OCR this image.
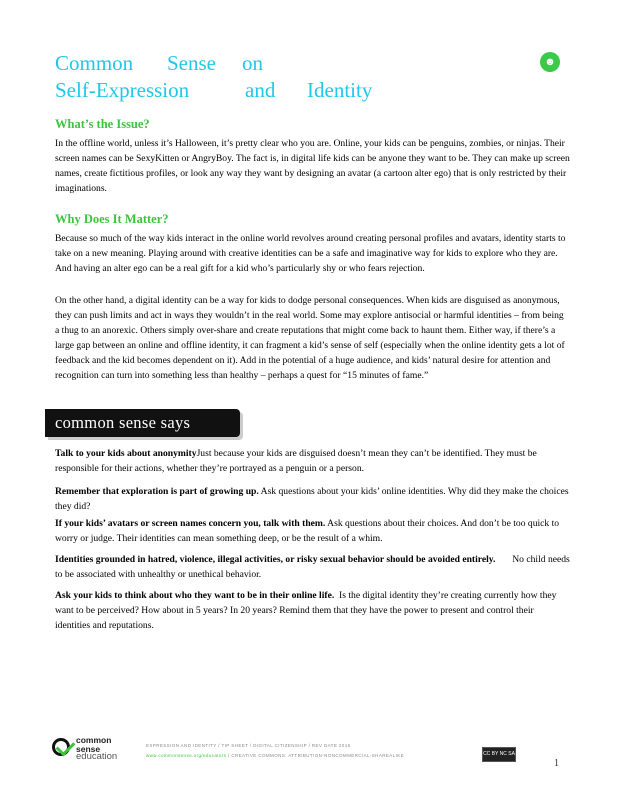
Common Sense on
Self-Expression	and Identity
☻
What’s the Issue?
In the offline world, unless it’s Halloween, it’s pretty clear who you are. Online, your kids can be penguins, zombies, or ninjas. Their screen names can be SexyKitten or AngryBoy. The fact is, in digital life kids can be anyone they want to be. They can make up screen names, create fictitious profiles, or look any way they want by designing an avatar (a cartoon alter ego) that is only restricted by their imaginations.
Why Does It Matter?
Because so much of the way kids interact in the online world revolves around creating personal profiles and avatars, identity starts to take on a new meaning. Playing around with creative identities can be a safe and imaginative way for kids to explore who they are. And having an alter ego can be a real gift for a kid who’s particularly shy or who fears rejection.
On the other hand, a digital identity can be a way for kids to dodge personal consequences. When kids are disguised as anonymous, they can push limits and act in ways they wouldn’t in the real world. Some may explore antisocial or harmful identities – from being a thug to an anorexic. Others simply over-share and create reputations that might come back to haunt them. Either way, if there’s a large gap between an online and offline identity, it can fragment a kid’s sense of self (especially when the online identity gets a lot of feedback and the kid becomes dependent on it). Add in the potential of a huge audience, and kids’ natural desire for attention and recognition can turn into something less than healthy – perhaps a quest for “15 minutes of fame.”
common sense says
Talk to your kids about anonymityJust because your kids are disguised doesn’t mean they can’t be identified. They must be responsible for their actions, whether they’re portrayed as a penguin or a person.
Remember that exploration is part of growing up. Ask questions about your kids’ online identities. Why did they make the choices they did?
If your kids’ avatars or screen names concern you, talk with them. Ask questions about their choices. And don’t be too quick to worry or judge. Their identities can mean something deep, or be the result of a whim.
Identities grounded in hatred, violence, illegal activities, or risky sexual behavior should be avoided entirely.       No child needs to be associated with unhealthy or unethical behavior.
Ask your kids to think about who they want to be in their online life.  Is the digital identity they’re creating currently how they want to be perceived? How about in 5 years? In 20 years? Remind them that they have the power to present and control their identities and reputations.
common
sense
education
EXPRESSION AND IDENTITY / TIP SHEET / DIGITAL CITIZENSHIP / REV DATE 2016
www.commonsense.org/educators / CREATIVE COMMONS: ATTRIBUTION-NONCOMMERCIAL-SHAREALIKE	CC BY NC SA
1
